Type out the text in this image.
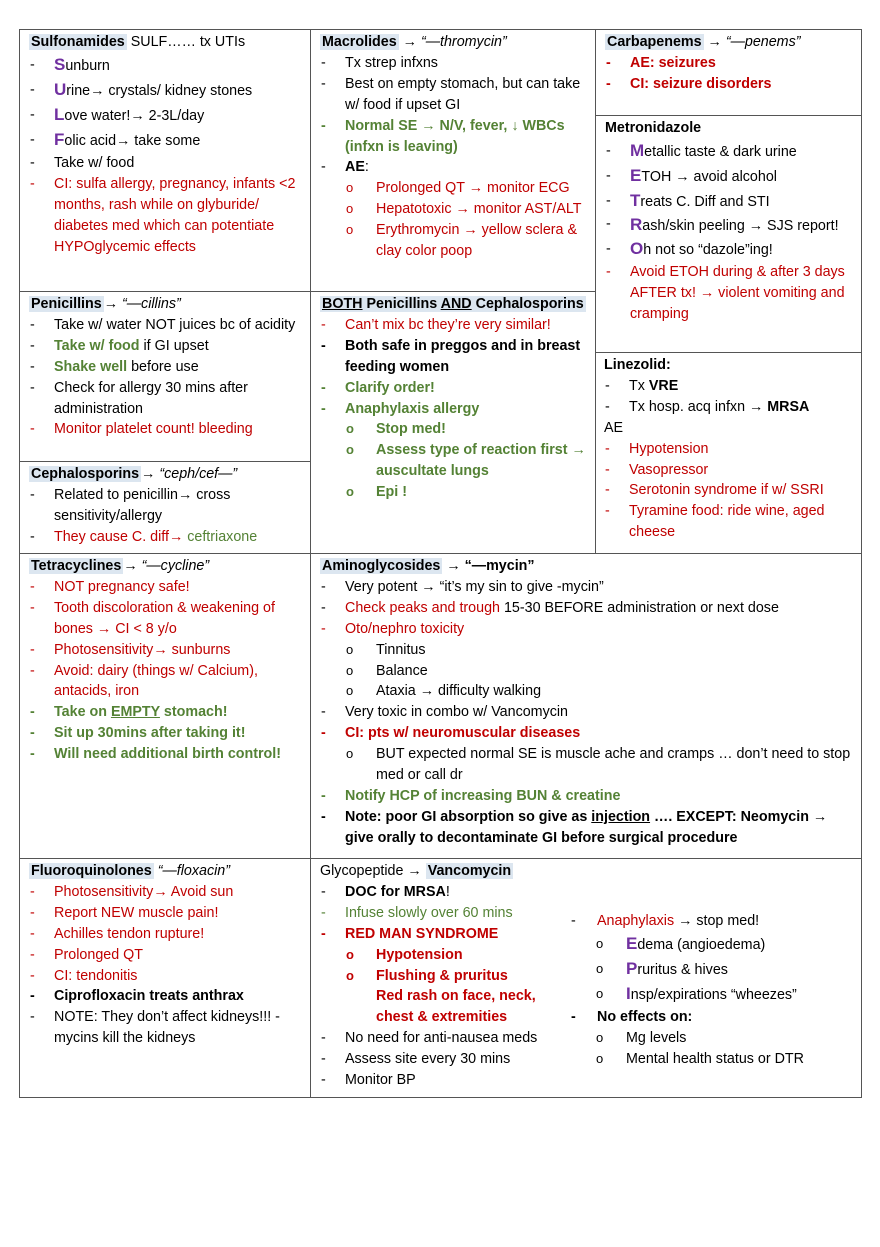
Sulfonamides SULF…… tx UTIs
- Sunburn
- Urine→ crystals/ kidney stones
- Love water!→ 2-3L/day
- Folic acid→ take some
- Take w/ food
- CI: sulfa allergy, pregnancy, infants <2 months, rash while on glyburide/ diabetes med which can potentiate HYPOglycemic effects
Macrolides → “—thromycin”
- Tx strep infxns
- Best on empty stomach, but can take w/ food if upset GI
- Normal SE → N/V, fever, ↓ WBCs (infxn is leaving)
- AE:
o Prolonged QT → monitor ECG
o Hepatotoxic → monitor AST/ALT
o Erythromycin → yellow sclera & clay color poop
Carbapenems → “—penems”
- AE: seizures
- CI: seizure disorders
Metronidazole
- Metallic taste & dark urine
- ETOH → avoid alcohol
- Treats C. Diff and STI
- Rash/skin peeling → SJS report!
- Oh not so “dazole”ing!
- Avoid ETOH during & after 3 days AFTER tx! → violent vomiting and cramping
Penicillins → “—cillins”
- Take w/ water NOT juices bc of acidity
- Take w/ food if GI upset
- Shake well before use
- Check for allergy 30 mins after administration
- Monitor platelet count! bleeding
Cephalosporins → “ceph/cef—”
- Related to penicillin→ cross sensitivity/allergy
- They cause C. diff→ ceftriaxone
BOTH Penicillins AND Cephalosporins
- Can’t mix bc they’re very similar!
- Both safe in preggos and in breast feeding women
- Clarify order!
- Anaphylaxis allergy
o Stop med!
o Assess type of reaction first → auscultate lungs
o Epi !
Linezolid:
- Tx VRE
- Tx hosp. acq infxn → MRSA
AE
- Hypotension
- Vasopressor
- Serotonin syndrome if w/ SSRI
- Tyramine food: ride wine, aged cheese
Tetracyclines → “—cycline”
- NOT pregnancy safe!
- Tooth discoloration & weakening of bones → CI < 8 y/o
- Photosensitivity→ sunburns
- Avoid: dairy (things w/ Calcium), antacids, iron
- Take on EMPTY stomach!
- Sit up 30mins after taking it!
- Will need additional birth control!
Aminoglycosides → “—mycin”
- Very potent → “it’s my sin to give -mycin”
- Check peaks and trough 15-30 BEFORE administration or next dose
- Oto/nephro toxicity
o Tinnitus
o Balance
o Ataxia → difficulty walking
- Very toxic in combo w/ Vancomycin
- CI: pts w/ neuromuscular diseases
o BUT expected normal SE is muscle ache and cramps … don’t need to stop med or call dr
- Notify HCP of increasing BUN & creatine
- Note: poor GI absorption so give as injection …. EXCEPT: Neomycin → give orally to decontaminate GI before surgical procedure
Fluoroquinolones “—floxacin”
- Photosensitivity→ Avoid sun
- Report NEW muscle pain!
- Achilles tendon rupture!
- Prolonged QT
- CI: tendonitis
- Ciprofloxacin treats anthrax
- NOTE: They don’t affect kidneys!!! -mycins kill the kidneys
Glycopeptide → Vancomycin
- DOC for MRSA!
- Infuse slowly over 60 mins
- RED MAN SYNDROME
o Hypotension
o Flushing & pruritus
Red rash on face, neck, chest & extremities
- No need for anti-nausea meds
- Assess site every 30 mins
- Monitor BP
- Anaphylaxis → stop med!
o Edema (angioedema)
o Pruritus & hives
o Insp/expirations “wheezes”
- No effects on:
o Mg levels
o Mental health status or DTR
